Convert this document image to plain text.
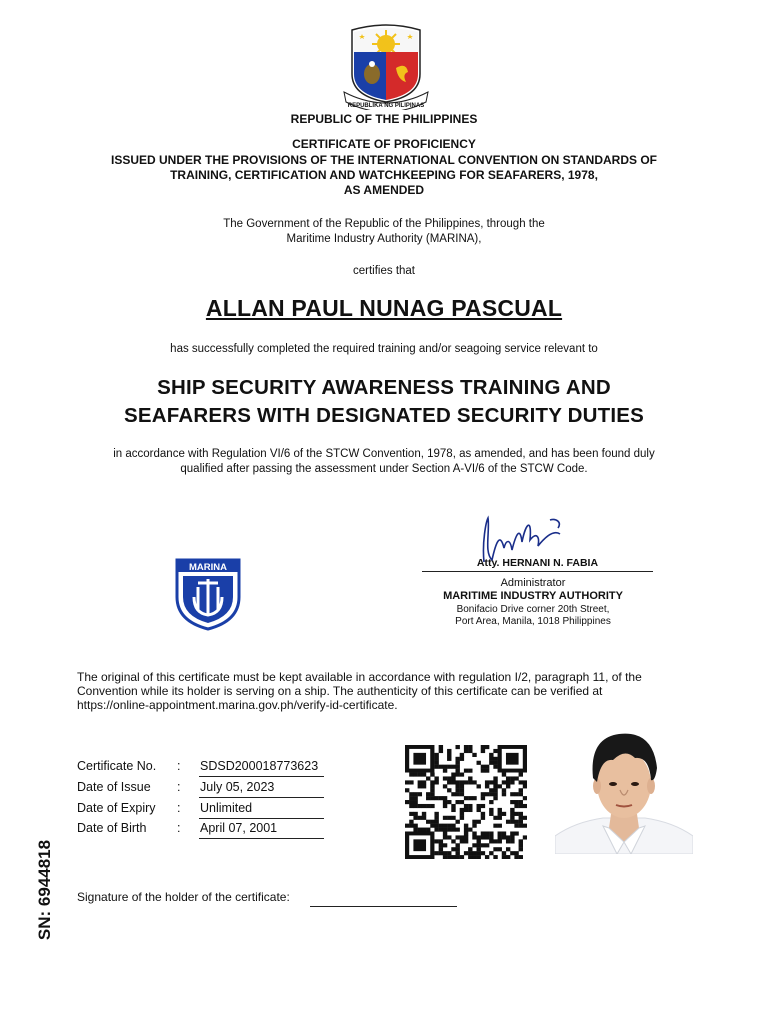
REPUBLIKA NG PILIPINAS
REPUBLIC OF THE PHILIPPINES
CERTIFICATE OF PROFICIENCY
ISSUED UNDER THE PROVISIONS OF THE INTERNATIONAL CONVENTION ON STANDARDS OF
TRAINING, CERTIFICATION AND WATCHKEEPING FOR SEAFARERS, 1978,
AS AMENDED
The Government of the Republic of the Philippines, through the
Maritime Industry Authority (MARINA),
certifies that
ALLAN PAUL NUNAG PASCUAL
has successfully completed the required training and/or seagoing service relevant to
SHIP SECURITY AWARENESS TRAINING AND
SEAFARERS WITH DESIGNATED SECURITY DUTIES
in accordance with Regulation VI/6 of the STCW Convention, 1978, as amended, and has been found duly
qualified after passing the assessment under Section A-VI/6 of the STCW Code.
MARINA	Atty. HERNANI N. FABIA
Administrator
MARITIME INDUSTRY AUTHORITY
Bonifacio Drive corner 20th Street,
Port Area, Manila, 1018 Philippines
The original of this certificate must be kept available in accordance with regulation I/2, paragraph 11, of the
Convention while its holder is serving on a ship. The authenticity of this certificate can be verified at
https://online-appointment.marina.gov.ph/verify-id-certificate.
Certificate No.	: SDSD200018773623
Date of Issue	: July 05, 2023
Date of Expiry	: Unlimited
Date of Birth	: April 07, 2001
Signature of the holder of the certificate:
SN: 6944818
